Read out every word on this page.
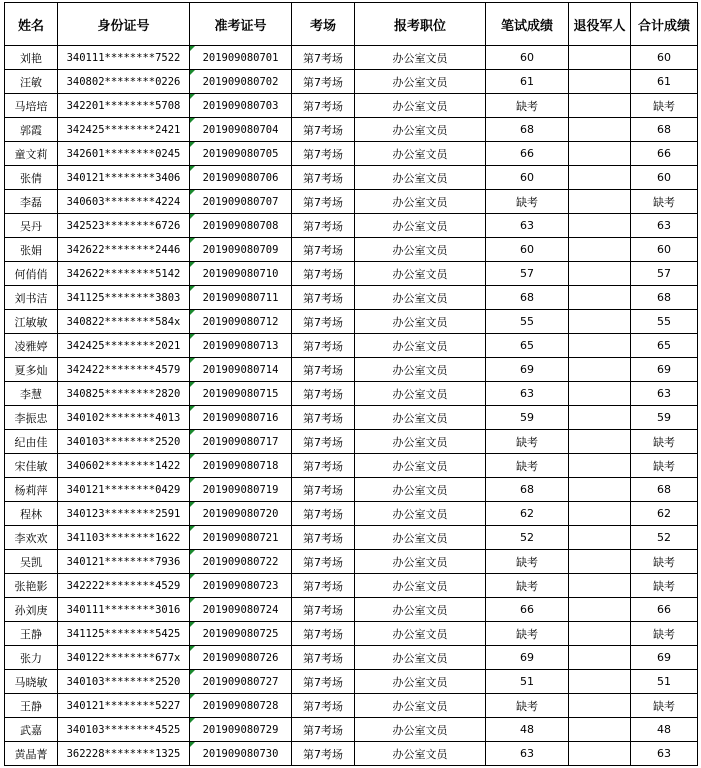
姓名	身份证号	准考证号	考场	报考职位	笔试成绩	退役军人	合计成绩
刘艳	340111********7522	201909080701	第7考场	办公室文员	60		60
汪敏	340802********0226	201909080702	第7考场	办公室文员	61		61
马培培	342201********5708	201909080703	第7考场	办公室文员	缺考		缺考
郭霞	342425********2421	201909080704	第7考场	办公室文员	68		68
童文莉	342601********0245	201909080705	第7考场	办公室文员	66		66
张倩	340121********3406	201909080706	第7考场	办公室文员	60		60
李磊	340603********4224	201909080707	第7考场	办公室文员	缺考		缺考
吴丹	342523********6726	201909080708	第7考场	办公室文员	63		63
张娟	342622********2446	201909080709	第7考场	办公室文员	60		60
何俏俏	342622********5142	201909080710	第7考场	办公室文员	57		57
刘书洁	341125********3803	201909080711	第7考场	办公室文员	68		68
江敏敏	340822********584x	201909080712	第7考场	办公室文员	55		55
凌雅婷	342425********2021	201909080713	第7考场	办公室文员	65		65
夏多灿	342422********4579	201909080714	第7考场	办公室文员	69		69
李慧	340825********2820	201909080715	第7考场	办公室文员	63		63
李振忠	340102********4013	201909080716	第7考场	办公室文员	59		59
纪由佳	340103********2520	201909080717	第7考场	办公室文员	缺考		缺考
宋佳敏	340602********1422	201909080718	第7考场	办公室文员	缺考		缺考
杨莉萍	340121********0429	201909080719	第7考场	办公室文员	68		68
程林	340123********2591	201909080720	第7考场	办公室文员	62		62
李欢欢	341103********1622	201909080721	第7考场	办公室文员	52		52
吴凯	340121********7936	201909080722	第7考场	办公室文员	缺考		缺考
张艳影	342222********4529	201909080723	第7考场	办公室文员	缺考		缺考
孙刘庚	340111********3016	201909080724	第7考场	办公室文员	66		66
王静	341125********5425	201909080725	第7考场	办公室文员	缺考		缺考
张力	340122********677x	201909080726	第7考场	办公室文员	69		69
马晓敏	340103********2520	201909080727	第7考场	办公室文员	51		51
王静	340121********5227	201909080728	第7考场	办公室文员	缺考		缺考
武嘉	340103********4525	201909080729	第7考场	办公室文员	48		48
黄晶菁	362228********1325	201909080730	第7考场	办公室文员	63		63
